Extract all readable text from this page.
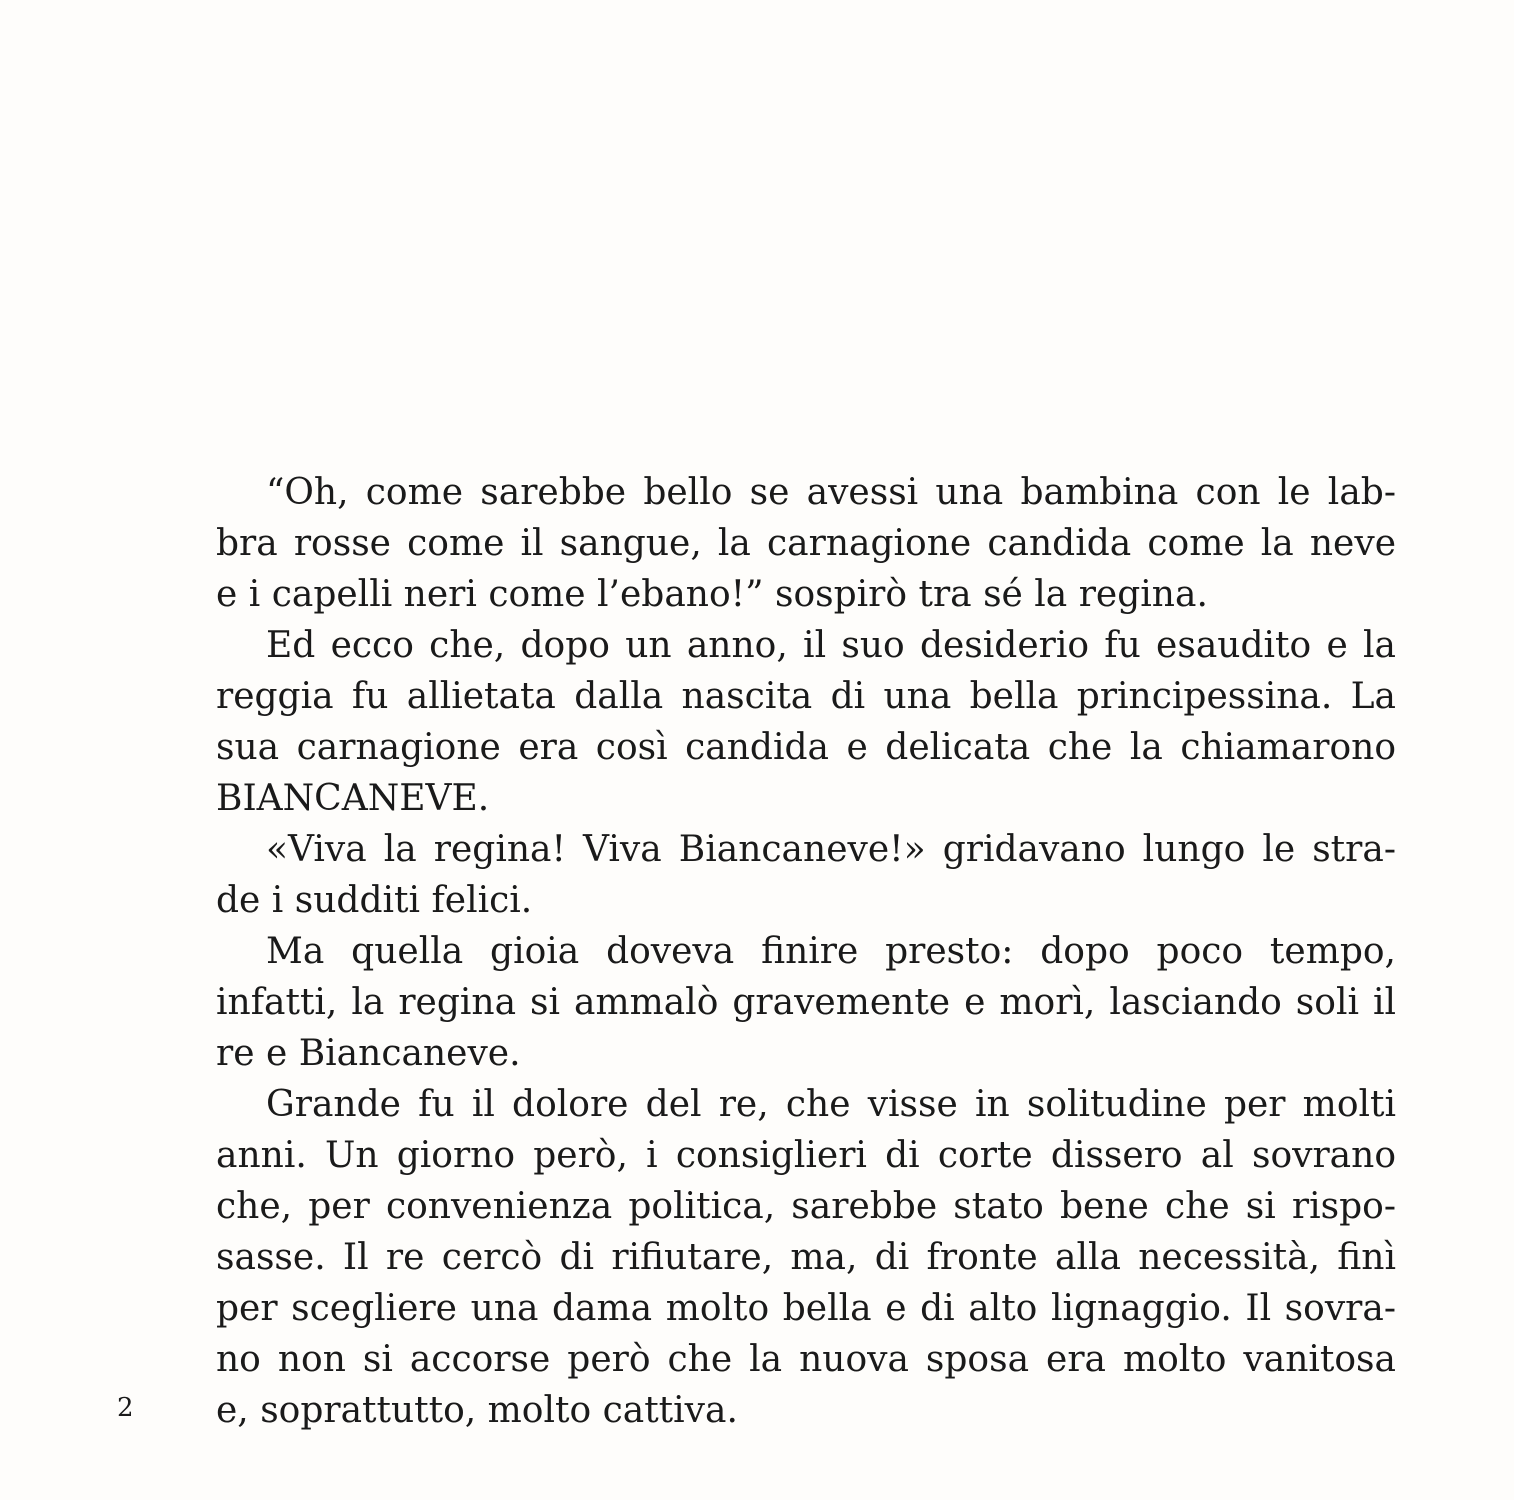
“Oh, come sarebbe bello se avessi una bambina con le lab-
bra rosse come il sangue, la carnagione candida come la neve
e i capelli neri come l’ebano!” sospirò tra sé la regina.
Ed ecco che, dopo un anno, il suo desiderio fu esaudito e la
reggia fu allietata dalla nascita di una bella principessina. La
sua carnagione era così candida e delicata che la chiamarono
BIANCANEVE.
«Viva la regina! Viva Biancaneve!» gridavano lungo le stra-
de i sudditi felici.
Ma quella gioia doveva finire presto: dopo poco tempo,
infatti, la regina si ammalò gravemente e morì, lasciando soli il
re e Biancaneve.
Grande fu il dolore del re, che visse in solitudine per molti
anni. Un giorno però, i consiglieri di corte dissero al sovrano
che, per convenienza politica, sarebbe stato bene che si rispo-
sasse. Il re cercò di rifiutare, ma, di fronte alla necessità, finì
per scegliere una dama molto bella e di alto lignaggio. Il sovra-
no non si accorse però che la nuova sposa era molto vanitosa
e, soprattutto, molto cattiva.
2
